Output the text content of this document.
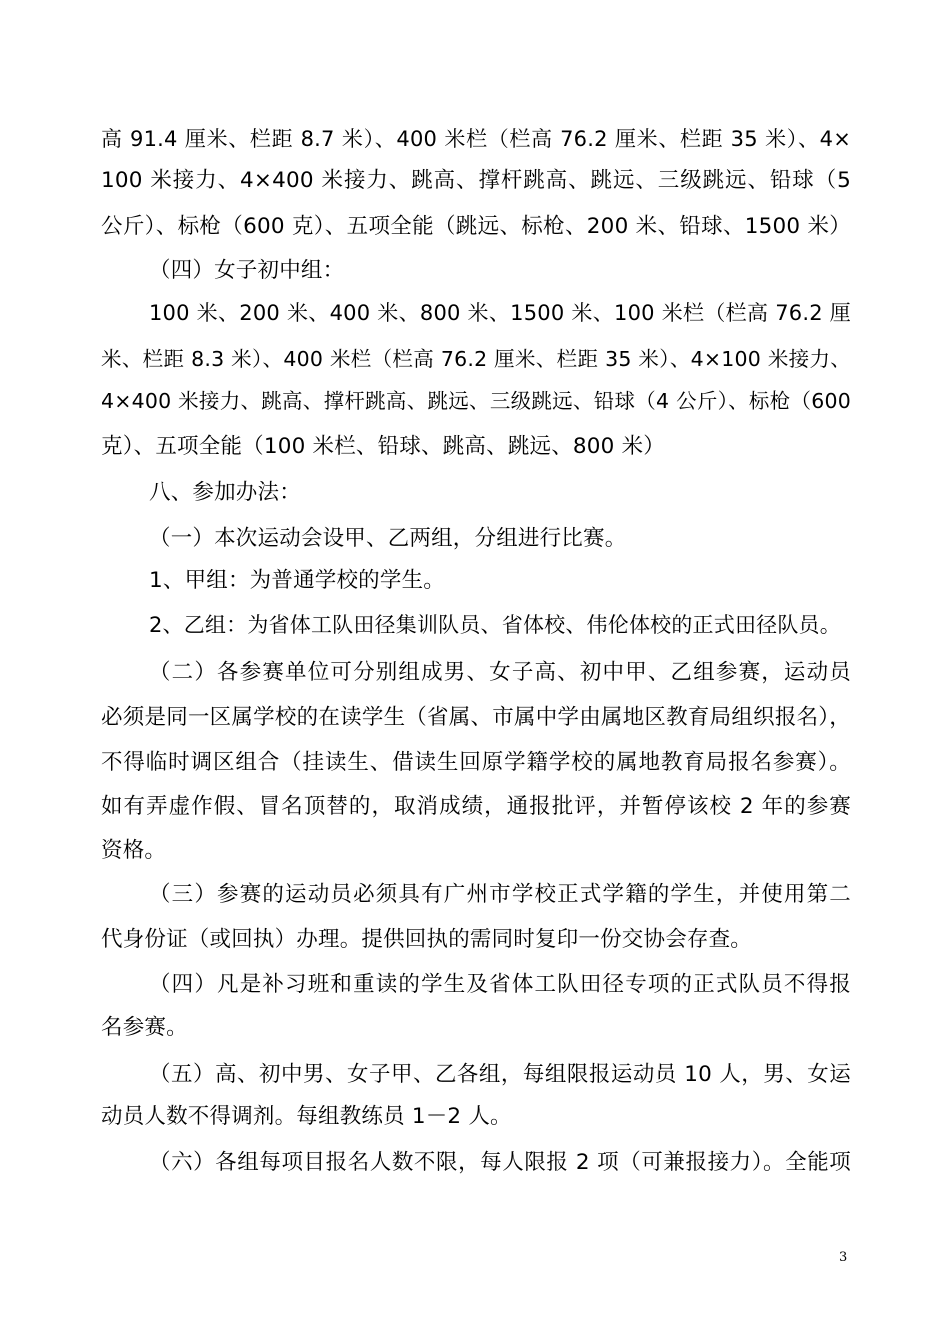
高 91.4 厘米、栏距 8.7 米）、400 米栏（栏高 76.2 厘米、栏距 35 米）、4×
100 米接力、4×400 米接力、跳高、撑杆跳高、跳远、三级跳远、铅球（5
公斤）、标枪（600 克）、五项全能（跳远、标枪、200 米、铅球、1500 米）
（四）女子初中组：
100 米、200 米、400 米、800 米、1500 米、100 米栏（栏高 76.2 厘
米、栏距 8.3 米）、400 米栏（栏高 76.2 厘米、栏距 35 米）、4×100 米接力、
4×400 米接力、跳高、撑杆跳高、跳远、三级跳远、铅球（4 公斤）、标枪（600
克）、五项全能（100 米栏、铅球、跳高、跳远、800 米）
八、参加办法：
（一）本次运动会设甲、乙两组，分组进行比赛。
1、甲组：为普通学校的学生。
2、乙组：为省体工队田径集训队员、省体校、伟伦体校的正式田径队员。
（二）各参赛单位可分别组成男、女子高、初中甲、乙组参赛，运动员
必须是同一区属学校的在读学生（省属、市属中学由属地区教育局组织报名），
不得临时调区组合（挂读生、借读生回原学籍学校的属地教育局报名参赛）。
如有弄虚作假、冒名顶替的，取消成绩，通报批评，并暂停该校 2 年的参赛
资格。
（三）参赛的运动员必须具有广州市学校正式学籍的学生，并使用第二
代身份证（或回执）办理。提供回执的需同时复印一份交协会存查。
（四）凡是补习班和重读的学生及省体工队田径专项的正式队员不得报
名参赛。
（五）高、初中男、女子甲、乙各组，每组限报运动员 10 人，男、女运
动员人数不得调剂。每组教练员 1－2 人。
（六）各组每项目报名人数不限，每人限报 2 项（可兼报接力）。全能项
3
